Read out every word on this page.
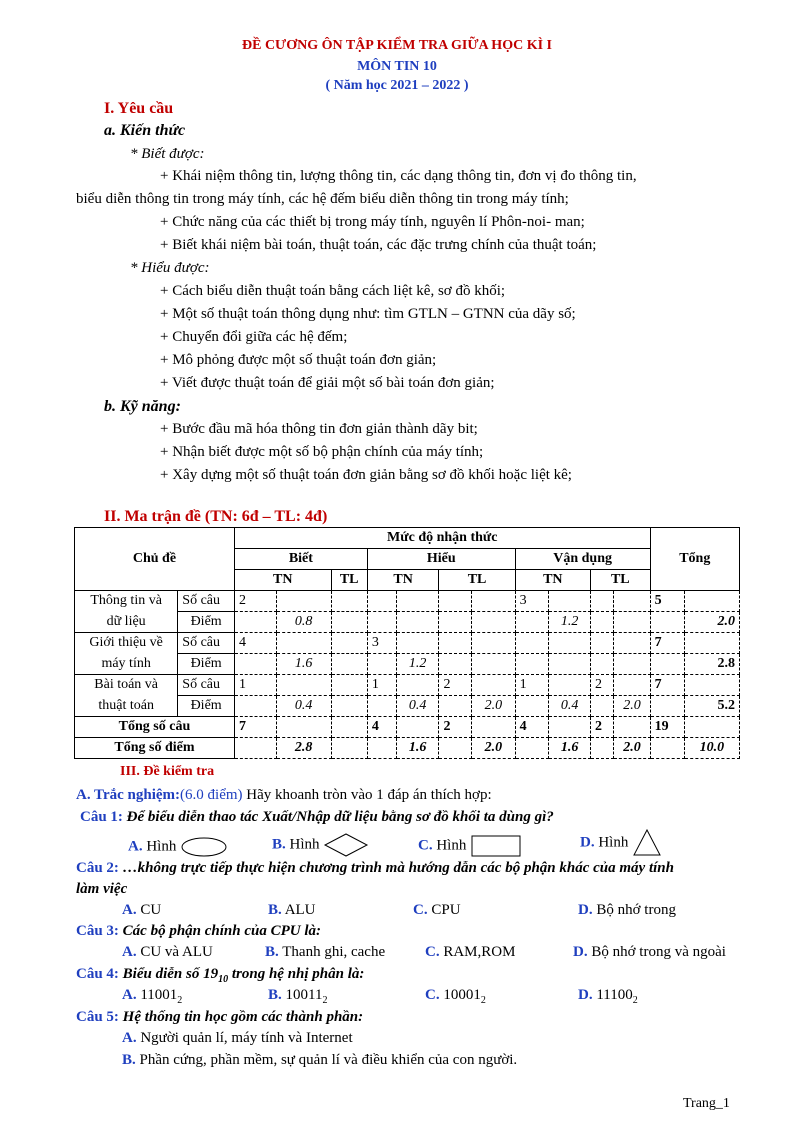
ĐỀ CƯƠNG ÔN TẬP KIỂM TRA GIỮA HỌC KÌ I
MÔN TIN 10
( Năm học 2021 – 2022 )
I. Yêu cầu
a. Kiến thức
* Biết được:
+ Khái niệm thông tin, lượng thông tin, các dạng thông tin, đơn vị đo thông tin,
biểu diễn thông tin trong máy tính, các hệ đếm biểu diễn thông tin trong máy tính;
+ Chức năng của các thiết bị trong máy tính, nguyên lí Phôn-noi- man;
+ Biết khái niệm bài toán, thuật toán, các đặc trưng chính của thuật toán;
* Hiểu được:
+ Cách biểu diễn thuật toán bằng cách liệt kê, sơ đồ khối;
+ Một số thuật toán thông dụng như: tìm GTLN – GTNN của dãy số;
+ Chuyển đổi giữa các hệ đếm;
+ Mô phỏng được một số thuật toán đơn giản;
+ Viết được thuật toán để giải một số bài toán đơn giản;
b. Kỹ năng:
+ Bước đầu mã hóa thông tin đơn giản thành dãy bit;
+ Nhận biết được một số bộ phận chính của máy tính;
+ Xây dựng một số thuật toán đơn giản bằng sơ đồ khối hoặc liệt kê;
II. Ma trận đề (TN: 6đ – TL: 4đ)
Chủ đề		Mức độ nhận thức											Tổng	
		Biết			Hiểu				Vận dụng					
		TN		TL	TN		TL		TN		TL			
Thông tin và
dữ liệu	Số câu	2							3				5	
	Điểm		0.8							1.2				2.0
Giới thiệu về
máy tính	Số câu	4			3								7	
	Điểm		1.6			1.2								2.8
Bài toán và
thuật toán	Số câu	1			1		2		1		2		7	
	Điểm		0.4			0.4		2.0		0.4		2.0		5.2
Tổng số câu		7			4		2		4		2		19	
Tổng số điểm			2.8			1.6		2.0		1.6		2.0		10.0
III. Đề kiểm tra
A. Trắc nghiệm:(6.0 điểm) Hãy khoanh tròn vào 1 đáp án thích hợp:
Câu 1: Để biểu diễn thao tác Xuất/Nhập dữ liệu bằng sơ đồ khối ta dùng gì?
A. Hình	B. Hình	C. Hình	D. Hình
Câu 2: …không trực tiếp thực hiện chương trình mà hướng dẫn các bộ phận khác của máy tính
làm việc
A. CU	B. ALU	C. CPU	D. Bộ nhớ trong
Câu 3: Các bộ phận chính của CPU là:
A. CU và ALU	B. Thanh ghi, cache	C. RAM,ROM	D. Bộ nhớ trong và ngoài
Câu 4: Biểu diễn số $19_{10}$ trong hệ nhị phân là:
A. $11001_2$	B. $10011_2$	C. $10001_2$	D. $11100_2$
Câu 5: Hệ thống tin học gồm các thành phần:
A. Người quản lí, máy tính và Internet
B. Phần cứng, phần mềm, sự quản lí và điều khiển của con người.
Trang_1
